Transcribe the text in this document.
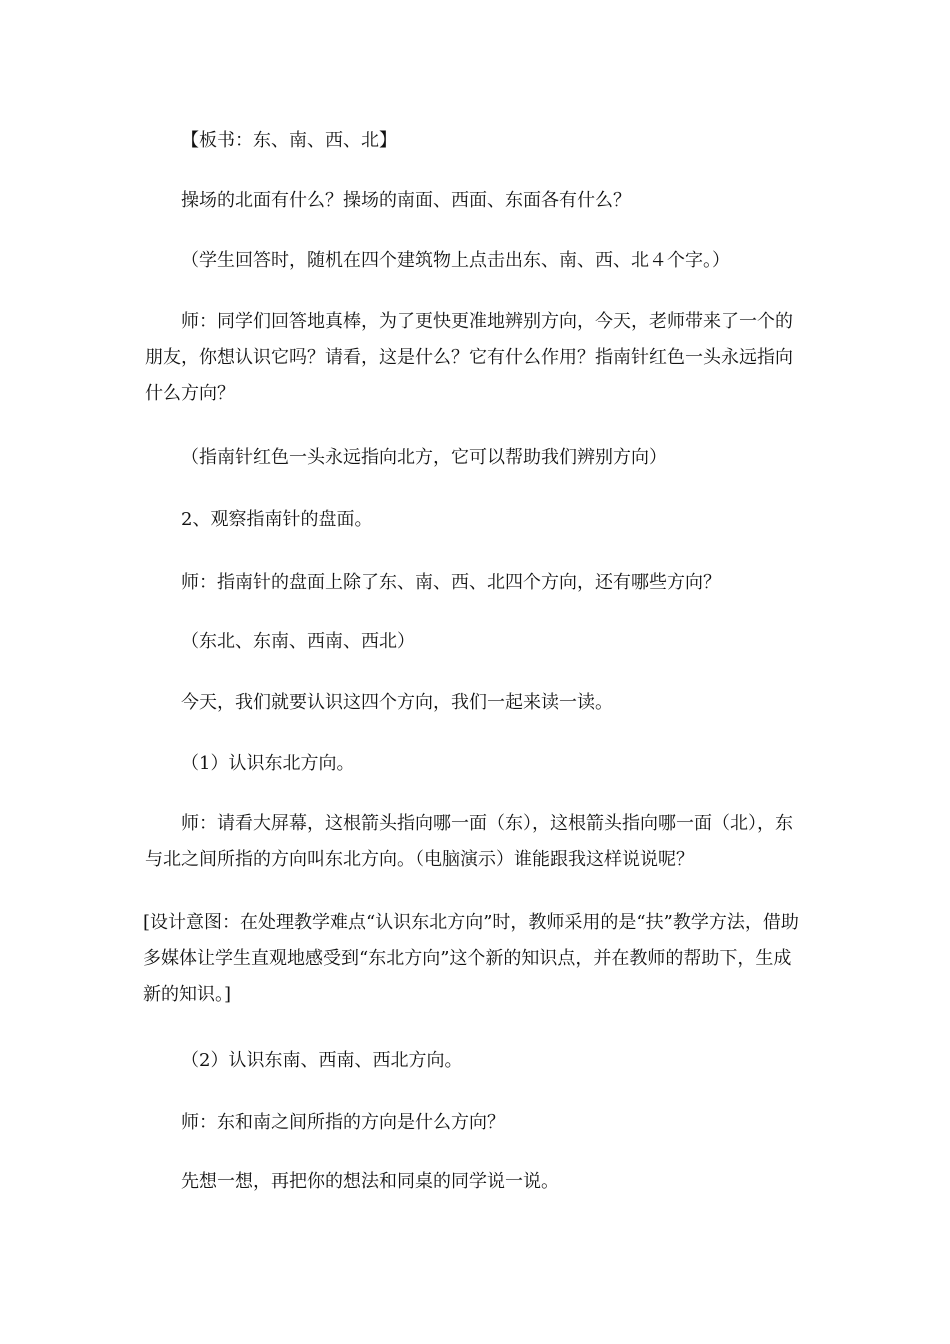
【板书：东、南、西、北】

操场的北面有什么？操场的南面、西面、东面各有什么？

（学生回答时，随机在四个建筑物上点击出东、南、西、北４个字。）

师：同学们回答地真棒，为了更快更准地辨别方向，今天，老师带来了一个的朋友，你想认识它吗？请看，这是什么？它有什么作用？指南针红色一头永远指向什么方向？

（指南针红色一头永远指向北方，它可以帮助我们辨别方向）

2、观察指南针的盘面。

师：指南针的盘面上除了东、南、西、北四个方向，还有哪些方向？

（东北、东南、西南、西北）

今天，我们就要认识这四个方向，我们一起来读一读。

（1）认识东北方向。

师：请看大屏幕，这根箭头指向哪一面（东），这根箭头指向哪一面（北），东与北之间所指的方向叫东北方向。（电脑演示）谁能跟我这样说说呢？

[设计意图：在处理教学难点“认识东北方向”时，教师采用的是“扶”教学方法，借助多媒体让学生直观地感受到“东北方向”这个新的知识点，并在教师的帮助下，生成新的知识。]

（2）认识东南、西南、西北方向。

师：东和南之间所指的方向是什么方向？

先想一想，再把你的想法和同桌的同学说一说。
